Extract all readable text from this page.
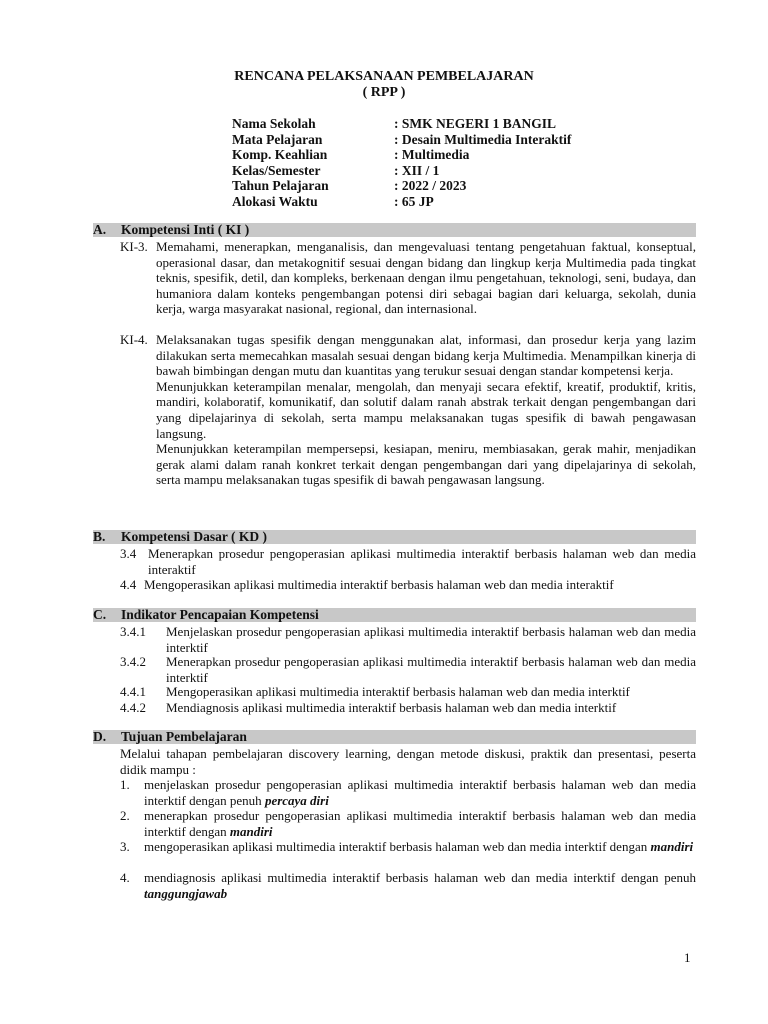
RENCANA PELAKSANAAN PEMBELAJARAN
( RPP )
Nama Sekolah	: SMK NEGERI 1 BANGIL
Mata Pelajaran	: Desain Multimedia Interaktif
Komp. Keahlian	: Multimedia
Kelas/Semester	: XII / 1
Tahun Pelajaran	: 2022 / 2023
Alokasi Waktu	: 65 JP
A. Kompetensi Inti ( KI )
KI-3. Memahami, menerapkan, menganalisis, dan mengevaluasi tentang pengetahuan faktual, konseptual, operasional dasar, dan metakognitif sesuai dengan bidang dan lingkup kerja Multimedia pada tingkat teknis, spesifik, detil, dan kompleks, berkenaan dengan ilmu pengetahuan, teknologi, seni, budaya, dan humaniora dalam konteks pengembangan potensi diri sebagai bagian dari keluarga, sekolah, dunia kerja, warga masyarakat nasional, regional, dan internasional.

KI-4. Melaksanakan tugas spesifik dengan menggunakan alat, informasi, dan prosedur kerja yang lazim dilakukan serta memecahkan masalah sesuai dengan bidang kerja Multimedia. Menampilkan kinerja di bawah bimbingan dengan mutu dan kuantitas yang terukur sesuai dengan standar kompetensi kerja.

Menunjukkan keterampilan menalar, mengolah, dan menyaji secara efektif, kreatif, produktif, kritis, mandiri, kolaboratif, komunikatif, dan solutif dalam ranah abstrak terkait dengan pengembangan dari yang dipelajarinya di sekolah, serta mampu melaksanakan tugas spesifik di bawah pengawasan langsung.

Menunjukkan keterampilan mempersepsi, kesiapan, meniru, membiasakan, gerak mahir, menjadikan gerak alami dalam ranah konkret terkait dengan pengembangan dari yang dipelajarinya di sekolah, serta mampu melaksanakan tugas spesifik di bawah pengawasan langsung.

B. Kompetensi Dasar ( KD )
3.4 Menerapkan prosedur pengoperasian aplikasi multimedia interaktif berbasis halaman web dan media interaktif
4.4 Mengoperasikan aplikasi multimedia interaktif berbasis halaman web dan media interaktif
C. Indikator Pencapaian Kompetensi
3.4.1 Menjelaskan prosedur pengoperasian aplikasi multimedia interaktif berbasis halaman web dan media interktif
3.4.2 Menerapkan prosedur pengoperasian aplikasi multimedia interaktif berbasis halaman web dan media interktif
4.4.1 Mengoperasikan aplikasi multimedia interaktif berbasis halaman web dan media interktif
4.4.2 Mendiagnosis aplikasi multimedia interaktif berbasis halaman web dan media interktif
D. Tujuan Pembelajaran
Melalui tahapan pembelajaran discovery learning, dengan metode diskusi, praktik dan presentasi, peserta didik mampu :
1. menjelaskan prosedur pengoperasian aplikasi multimedia interaktif berbasis halaman web dan media interktif dengan penuh percaya diri
2. menerapkan prosedur pengoperasian aplikasi multimedia interaktif berbasis halaman web dan media interktif dengan mandiri
3. mengoperasikan aplikasi multimedia interaktif berbasis halaman web dan media interktif dengan mandiri
4. mendiagnosis aplikasi multimedia interaktif berbasis halaman web dan media interktif dengan penuh tanggungjawab
1
